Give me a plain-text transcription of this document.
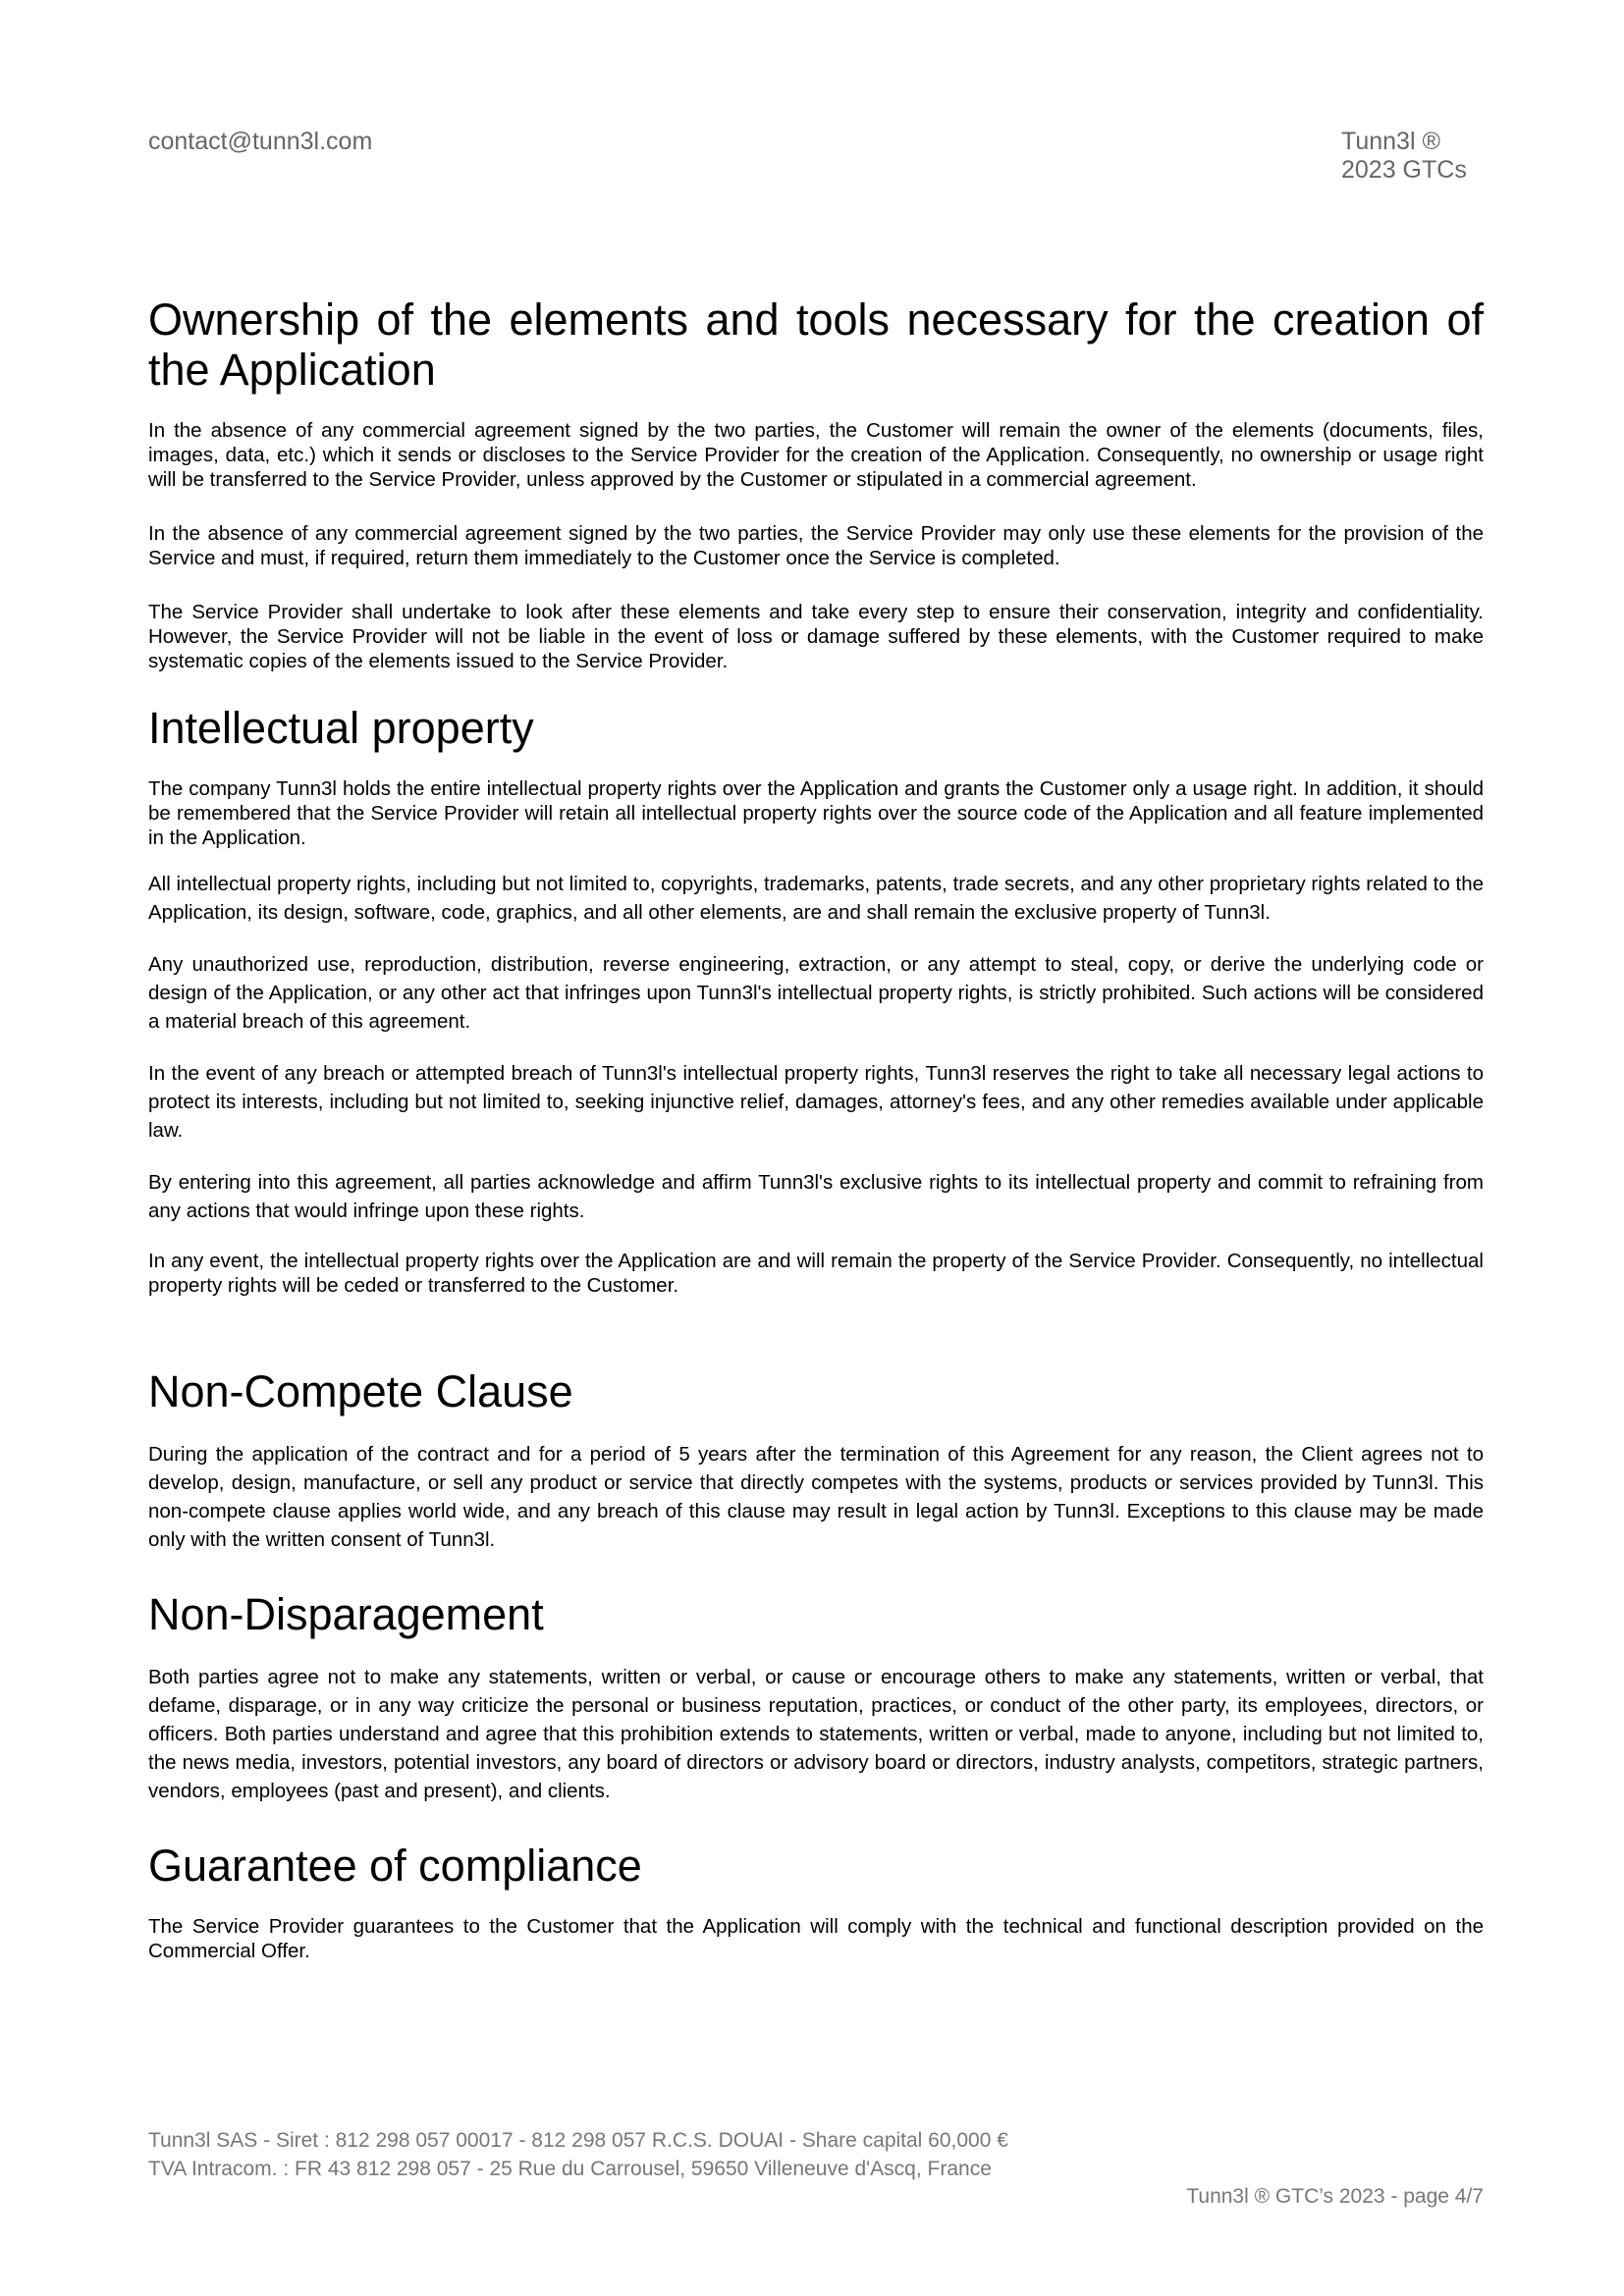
contact@tunn3l.com	Tunn3l ®
2023 GTCs
Ownership of the elements and tools necessary for the creation of the Application

In the absence of any commercial agreement signed by the two parties, the Customer will remain the owner of the elements (documents, files, images, data, etc.) which it sends or discloses to the Service Provider for the creation of the Application. Consequently, no ownership or usage right will be transferred to the Service Provider, unless approved by the Customer or stipulated in a commercial agreement.

In the absence of any commercial agreement signed by the two parties, the Service Provider may only use these elements for the provision of the Service and must, if required, return them immediately to the Customer once the Service is completed.

The Service Provider shall undertake to look after these elements and take every step to ensure their conservation, integrity and confidentiality. However, the Service Provider will not be liable in the event of loss or damage suffered by these elements, with the Customer required to make systematic copies of the elements issued to the Service Provider.

Intellectual property

The company Tunn3l holds the entire intellectual property rights over the Application and grants the Customer only a usage right. In addition, it should be remembered that the Service Provider will retain all intellectual property rights over the source code of the Application and all feature implemented in the Application.

All intellectual property rights, including but not limited to, copyrights, trademarks, patents, trade secrets, and any other proprietary rights related to the Application, its design, software, code, graphics, and all other elements, are and shall remain the exclusive property of Tunn3l.

Any unauthorized use, reproduction, distribution, reverse engineering, extraction, or any attempt to steal, copy, or derive the underlying code or design of the Application, or any other act that infringes upon Tunn3l's intellectual property rights, is strictly prohibited. Such actions will be considered a material breach of this agreement.

In the event of any breach or attempted breach of Tunn3l's intellectual property rights, Tunn3l reserves the right to take all necessary legal actions to protect its interests, including but not limited to, seeking injunctive relief, damages, attorney's fees, and any other remedies available under applicable law.

By entering into this agreement, all parties acknowledge and affirm Tunn3l's exclusive rights to its intellectual property and commit to refraining from any actions that would infringe upon these rights.

In any event, the intellectual property rights over the Application are and will remain the property of the Service Provider. Consequently, no intellectual property rights will be ceded or transferred to the Customer.

Non-Compete Clause

During the application of the contract and for a period of 5 years after the termination of this Agreement for any reason, the Client agrees not to develop, design, manufacture, or sell any product or service that directly competes with the systems, products or services provided by Tunn3l. This non-compete clause applies world wide, and any breach of this clause may result in legal action by Tunn3l. Exceptions to this clause may be made only with the written consent of Tunn3l.

Non-Disparagement

Both parties agree not to make any statements, written or verbal, or cause or encourage others to make any statements, written or verbal, that defame, disparage, or in any way criticize the personal or business reputation, practices, or conduct of the other party, its employees, directors, or officers. Both parties understand and agree that this prohibition extends to statements, written or verbal, made to anyone, including but not limited to, the news media, investors, potential investors, any board of directors or advisory board or directors, industry analysts, competitors, strategic partners, vendors, employees (past and present), and clients.

Guarantee of compliance

The Service Provider guarantees to the Customer that the Application will comply with the technical and functional description provided on the Commercial Offer.

Tunn3l SAS - Siret : 812 298 057 00017 - 812 298 057 R.C.S. DOUAI - Share capital 60,000 €
TVA Intracom. : FR 43 812 298 057 - 25 Rue du Carrousel, 59650 Villeneuve d'Ascq, France
Tunn3l ® GTC’s 2023 - page 4/7
